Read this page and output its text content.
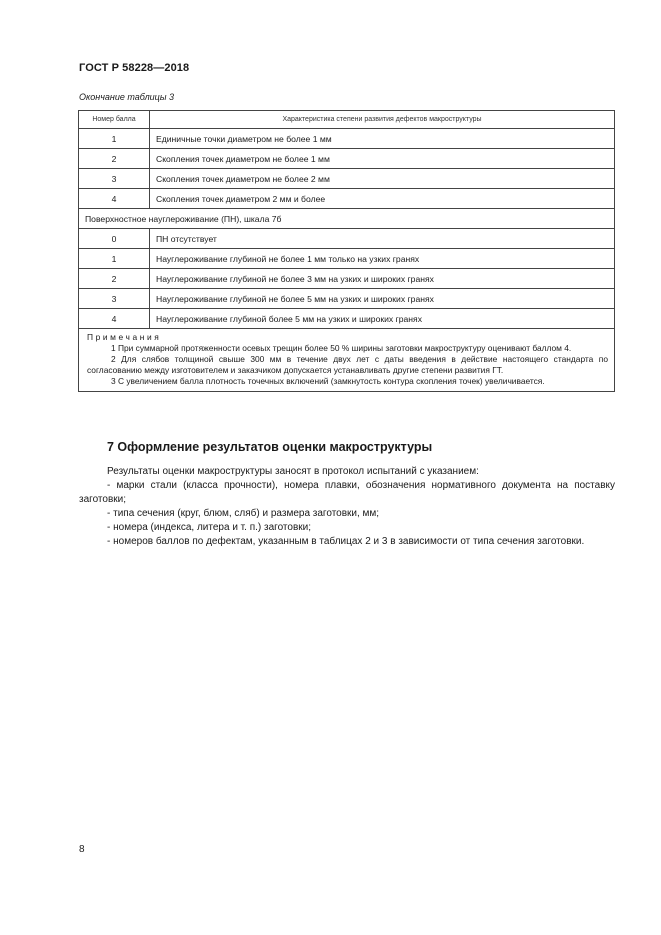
ГОСТ Р 58228—2018
Окончание таблицы 3
Номер балла	Характеристика степени развития дефектов макроструктуры
1	Единичные точки диаметром не более 1 мм
2	Скопления точек диаметром не более 1 мм
3	Скопления точек диаметром не более 2 мм
4	Скопления точек диаметром 2 мм и более
Поверхностное науглероживание (ПН), шкала 7б	
0	ПН отсутствует
1	Науглероживание глубиной не более 1 мм только на узких гранях
2	Науглероживание глубиной не более 3 мм на узких и широких гранях
3	Науглероживание глубиной не более 5 мм на узких и широких гранях
4	Науглероживание глубиной более 5 мм на узких и широких гранях

Примечания
1 При суммарной протяженности осевых трещин более 50 % ширины заготовки макроструктуру оценивают баллом 4.
2 Для слябов толщиной свыше 300 мм в течение двух лет с даты введения в действие настоящего стандарта по согласованию между изготовителем и заказчиком допускается устанавливать другие степени развития ГТ.
3 С увеличением балла плотность точечных включений (замкнутость контура скопления точек) увеличивается.	
7 Оформление результатов оценки макроструктуры

Результаты оценки макроструктуры заносят в протокол испытаний с указанием:

- марки стали (класса прочности), номера плавки, обозначения нормативного документа на поставку заготовки;

- типа сечения (круг, блюм, сляб) и размера заготовки, мм;

- номера (индекса, литера и т. п.) заготовки;

- номеров баллов по дефектам, указанным в таблицах 2 и 3 в зависимости от типа сечения заготовки.

8
